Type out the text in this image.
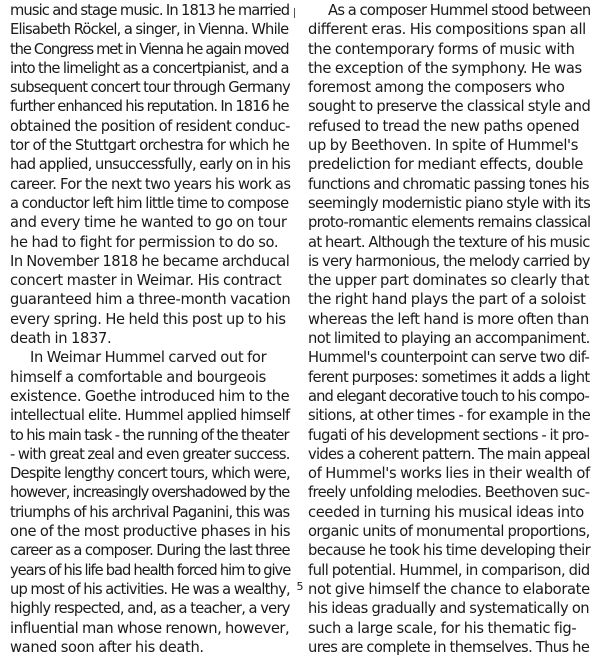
music and stage music. In 1813 he married
Elisabeth Röckel, a singer, in Vienna. While
the Congress met in Vienna he again moved
into the limelight as a concertpianist, and a
subsequent concert tour through Germany
further enhanced his reputation. In 1816 he
obtained the position of resident conduc-
tor of the Stuttgart orchestra for which he
had applied, unsuccessfully, early on in his
career. For the next two years his work as
a conductor left him little time to compose
and every time he wanted to go on tour
he had to fight for permission to do so.
In November 1818 he became archducal
concert master in Weimar. His contract
guaranteed him a three-month vacation
every spring. He held this post up to his
death in 1837.
In Weimar Hummel carved out for
himself a comfortable and bourgeois
existence. Goethe introduced him to the
intellectual elite. Hummel applied himself
to his main task - the running of the theater
- with great zeal and even greater success.
Despite lengthy concert tours, which were,
however, increasingly overshadowed by the
triumphs of his archrival Paganini, this was
one of the most productive phases in his
career as a composer. During the last three
years of his life bad health forced him to give
up most of his activities. He was a wealthy,
highly respected, and, as a teacher, a very
influential man whose renown, however,
waned soon after his death.
As a composer Hummel stood between
different eras. His compositions span all
the contemporary forms of music with
the exception of the symphony. He was
foremost among the composers who
sought to preserve the classical style and
refused to tread the new paths opened
up by Beethoven. In spite of Hummel's
predeliction for mediant effects, double
functions and chromatic passing tones his
seemingly modernistic piano style with its
proto-romantic elements remains classical
at heart. Although the texture of his music
is very harmonious, the melody carried by
the upper part dominates so clearly that
the right hand plays the part of a soloist
whereas the left hand is more often than
not limited to playing an accompaniment.
Hummel's counterpoint can serve two dif-
ferent purposes: sometimes it adds a light
and elegant decorative touch to his compo-
sitions, at other times - for example in the
fugati of his development sections - it pro-
vides a coherent pattern. The main appeal
of Hummel's works lies in their wealth of
freely unfolding melodies. Beethoven suc-
ceeded in turning his musical ideas into
organic units of monumental proportions,
because he took his time developing their
full potential. Hummel, in comparison, did
not give himself the chance to elaborate
his ideas gradually and systematically on
such a large scale, for his thematic fig-
ures are complete in themselves. Thus he
5
